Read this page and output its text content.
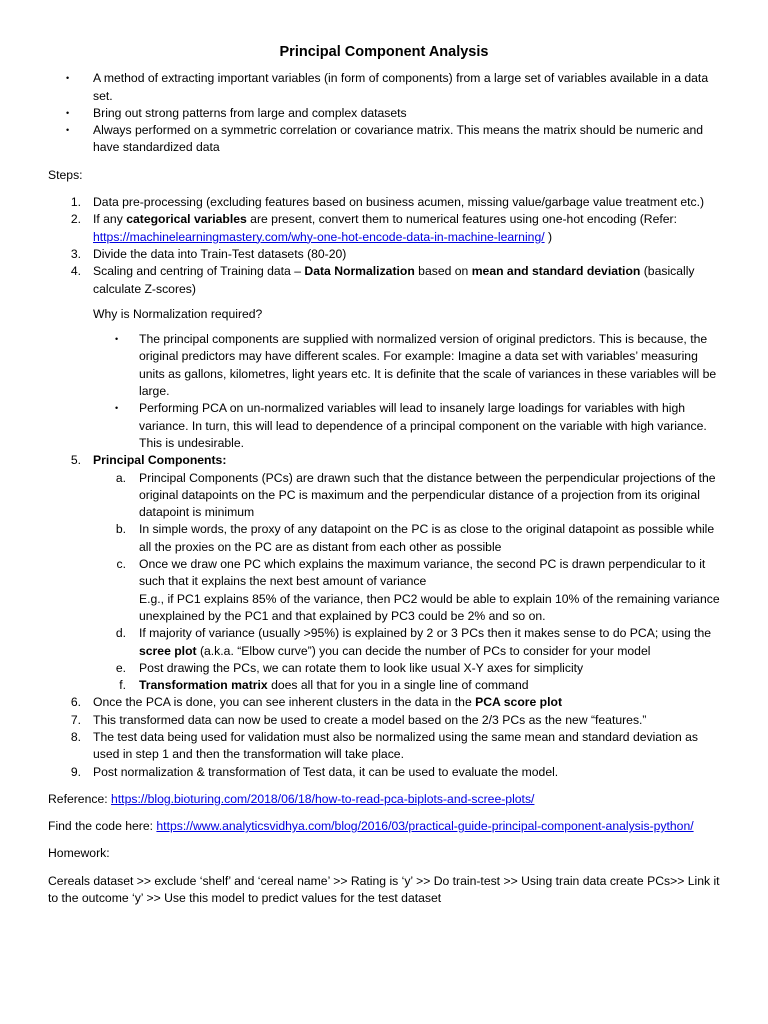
Principal Component Analysis
•	A method of extracting important variables (in form of components) from a large set of variables available in a data set.
•	Bring out strong patterns from large and complex datasets
•	Always performed on a symmetric correlation or covariance matrix. This means the matrix should be numeric and have standardized data
Steps:
1. Data pre-processing (excluding features based on business acumen, missing value/garbage value treatment etc.)
2. If any categorical variables are present, convert them to numerical features using one-hot encoding (Refer: https://machinelearningmastery.com/why-one-hot-encode-data-in-machine-learning/ )
3. Divide the data into Train-Test datasets (80-20)
4. Scaling and centring of Training data – Data Normalization based on mean and standard deviation (basically calculate Z-scores)
Why is Normalization required?
•	The principal components are supplied with normalized version of original predictors. This is because, the original predictors may have different scales. For example: Imagine a data set with variables’ measuring units as gallons, kilometres, light years etc. It is definite that the scale of variances in these variables will be large.
•	Performing PCA on un-normalized variables will lead to insanely large loadings for variables with high variance. In turn, this will lead to dependence of a principal component on the variable with high variance. This is undesirable.
5. Principal Components:
a. Principal Components (PCs) are drawn such that the distance between the perpendicular projections of the original datapoints on the PC is maximum and the perpendicular distance of a projection from its original datapoint is minimum
b. In simple words, the proxy of any datapoint on the PC is as close to the original datapoint as possible while all the proxies on the PC are as distant from each other as possible
c. Once we draw one PC which explains the maximum variance, the second PC is drawn perpendicular to it such that it explains the next best amount of variance
E.g., if PC1 explains 85% of the variance, then PC2 would be able to explain 10% of the remaining variance unexplained by the PC1 and that explained by PC3 could be 2% and so on.
d. If majority of variance (usually >95%) is explained by 2 or 3 PCs then it makes sense to do PCA; using the scree plot (a.k.a. “Elbow curve”) you can decide the number of PCs to consider for your model
e. Post drawing the PCs, we can rotate them to look like usual X-Y axes for simplicity
f. Transformation matrix does all that for you in a single line of command
6. Once the PCA is done, you can see inherent clusters in the data in the PCA score plot
7. This transformed data can now be used to create a model based on the 2/3 PCs as the new “features.”
8. The test data being used for validation must also be normalized using the same mean and standard deviation as used in step 1 and then the transformation will take place.
9. Post normalization & transformation of Test data, it can be used to evaluate the model.
Reference: https://blog.bioturing.com/2018/06/18/how-to-read-pca-biplots-and-scree-plots/
Find the code here: https://www.analyticsvidhya.com/blog/2016/03/practical-guide-principal-component-analysis-python/
Homework:
Cereals dataset >> exclude ‘shelf’ and ‘cereal name’ >> Rating is ‘y’ >> Do train-test >> Using train data create PCs>> Link it to the outcome ‘y’ >> Use this model to predict values for the test dataset
